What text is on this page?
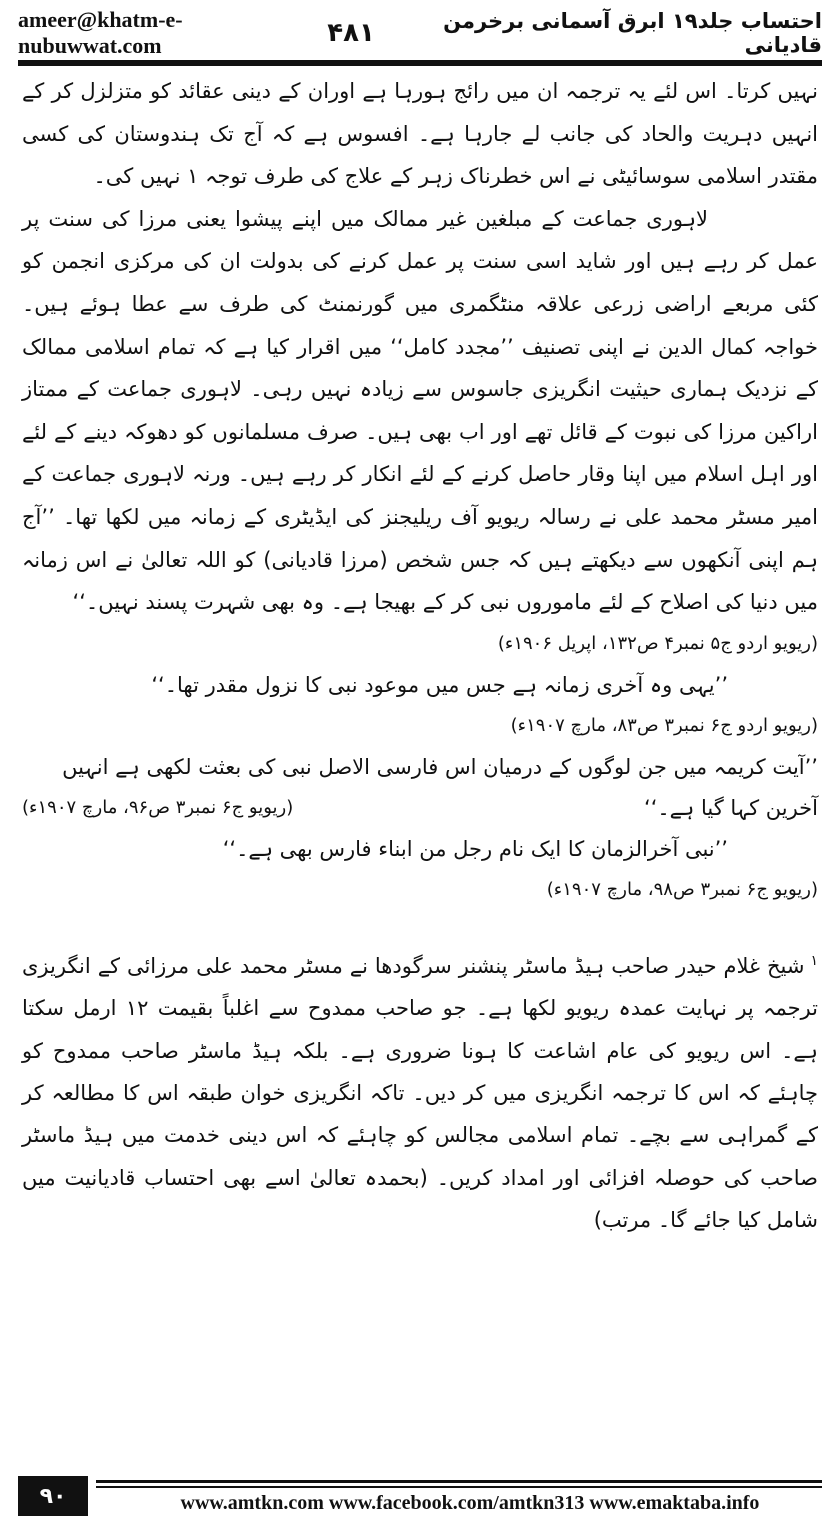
ameer@khatm-e-nubuwwat.com	۴۸۱	احتساب جلد۱۹ ابرق آسمانی برخرمن قادیانی

نہیں کرتا۔ اس لئے یہ ترجمہ ان میں رائج ہورہا ہے اوران کے دینی عقائد کو متزلزل کر کے انہیں دہریت والحاد کی جانب لے جارہا ہے۔ افسوس ہے کہ آج تک ہندوستان کی کسی مقتدر اسلامی سوسائیٹی نے اس خطرناک زہر کے علاج کی طرف توجہ ۱ نہیں کی۔

لاہوری جماعت کے مبلغین غیر ممالک میں اپنے پیشوا یعنی مرزا کی سنت پر عمل کر رہے ہیں اور شاید اسی سنت پر عمل کرنے کی بدولت ان کی مرکزی انجمن کو کئی مربعے اراضی زرعی علاقہ منٹگمری میں گورنمنٹ کی طرف سے عطا ہوئے ہیں۔ خواجہ کمال الدین نے اپنی تصنیف ’’مجدد کامل‘‘ میں اقرار کیا ہے کہ تمام اسلامی ممالک کے نزدیک ہماری حیثیت انگریزی جاسوس سے زیادہ نہیں رہی۔ لاہوری جماعت کے ممتاز اراکین مرزا کی نبوت کے قائل تھے اور اب بھی ہیں۔ صرف مسلمانوں کو دھوکہ دینے کے لئے اور اہل اسلام میں اپنا وقار حاصل کرنے کے لئے انکار کر رہے ہیں۔ ورنہ لاہوری جماعت کے امیر مسٹر محمد علی نے رسالہ ریویو آف ریلیجنز کی ایڈیٹری کے زمانہ میں لکھا تھا۔ ’’آج ہم اپنی آنکھوں سے دیکھتے ہیں کہ جس شخص (مرزا قادیانی) کو اللہ تعالیٰ نے اس زمانہ میں دنیا کی اصلاح کے لئے ماموروں نبی کر کے بھیجا ہے۔ وہ بھی شہرت پسند نہیں۔‘‘

(ریویو اردو ج۵ نمبر۴ ص۱۳۲، اپریل ۱۹۰۶ء)

’’یہی وہ آخری زمانہ ہے جس میں موعود نبی کا نزول مقدر تھا۔‘‘

(ریویو اردو ج۶ نمبر۳ ص۸۳، مارچ ۱۹۰۷ء)

’’آیت کریمہ میں جن لوگوں کے درمیان اس فارسی الاصل نبی کی بعثت لکھی ہے انہیں

آخرین کہا گیا ہے۔‘‘
(ریویو ج۶ نمبر۳ ص۹۶، مارچ ۱۹۰۷ء)

’’نبی آخرالزمان کا ایک نام رجل من ابناء فارس بھی ہے۔‘‘

(ریویو ج۶ نمبر۳ ص۹۸، مارچ ۱۹۰۷ء)

$^۱$شیخ غلام حیدر صاحب ہیڈ ماسٹر پنشنر سرگودھا نے مسٹر محمد علی مرزائی کے انگریزی ترجمہ پر نہایت عمدہ ریویو لکھا ہے۔ جو صاحب ممدوح سے اغلباً بقیمت ۱۲ ارمل سکتا ہے۔ اس ریویو کی عام اشاعت کا ہونا ضروری ہے۔ بلکہ ہیڈ ماسٹر صاحب ممدوح کو چاہئے کہ اس کا ترجمہ انگریزی میں کر دیں۔ تاکہ انگریزی خوان طبقہ اس کا مطالعہ کر کے گمراہی سے بچے۔ تمام اسلامی مجالس کو چاہئے کہ اس دینی خدمت میں ہیڈ ماسٹر صاحب کی حوصلہ افزائی اور امداد کریں۔ (بحمدہ تعالیٰ اسے بھی احتساب قادیانیت میں شامل کیا جائے گا۔ مرتب)

۹۰	www.amtkn.com www.facebook.com/amtkn313 www.emaktaba.info
